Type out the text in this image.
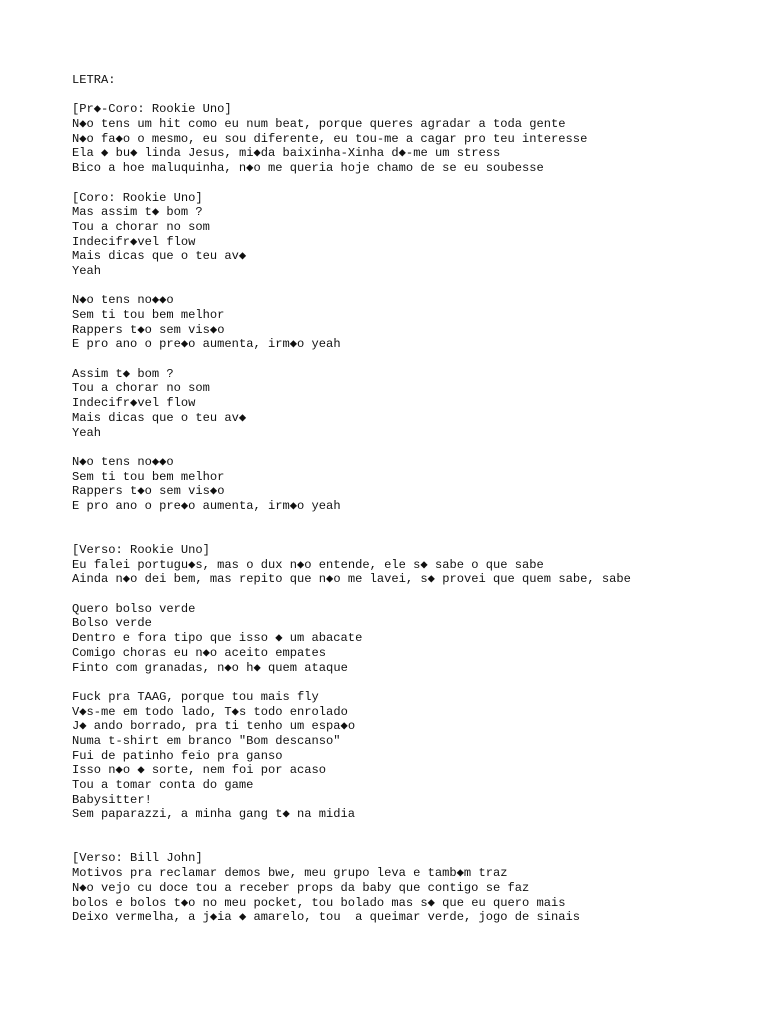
LETRA:
[Pr◆-Coro: Rookie Uno]
N◆o tens um hit como eu num beat, porque queres agradar a toda gente
N◆o fa◆o o mesmo, eu sou diferente, eu tou-me a cagar pro teu interesse
Ela ◆ bu◆ linda Jesus, mi◆da baixinha-Xinha d◆-me um stress
Bico a hoe maluquinha, n◆o me queria hoje chamo de se eu soubesse
[Coro: Rookie Uno]
Mas assim t◆ bom ?
Tou a chorar no som
Indecifr◆vel flow
Mais dicas que o teu av◆
Yeah
N◆o tens no◆◆o
Sem ti tou bem melhor
Rappers t◆o sem vis◆o
E pro ano o pre◆o aumenta, irm◆o yeah
Assim t◆ bom ?
Tou a chorar no som
Indecifr◆vel flow
Mais dicas que o teu av◆
Yeah
N◆o tens no◆◆o
Sem ti tou bem melhor
Rappers t◆o sem vis◆o
E pro ano o pre◆o aumenta, irm◆o yeah
[Verso: Rookie Uno]
Eu falei portugu◆s, mas o dux n◆o entende, ele s◆ sabe o que sabe
Ainda n◆o dei bem, mas repito que n◆o me lavei, s◆ provei que quem sabe, sabe
Quero bolso verde
Bolso verde
Dentro e fora tipo que isso ◆ um abacate
Comigo choras eu n◆o aceito empates
Finto com granadas, n◆o h◆ quem ataque
Fuck pra TAAG, porque tou mais fly
V◆s-me em todo lado, T◆s todo enrolado
J◆ ando borrado, pra ti tenho um espa◆o
Numa t-shirt em branco "Bom descanso"
Fui de patinho feio pra ganso
Isso n◆o ◆ sorte, nem foi por acaso
Tou a tomar conta do game
Babysitter!
Sem paparazzi, a minha gang t◆ na midia
[Verso: Bill John]
Motivos pra reclamar demos bwe, meu grupo leva e tamb◆m traz
N◆o vejo cu doce tou a receber props da baby que contigo se faz
bolos e bolos t◆o no meu pocket, tou bolado mas s◆ que eu quero mais
Deixo vermelha, a j◆ia ◆ amarelo, tou  a queimar verde, jogo de sinais
